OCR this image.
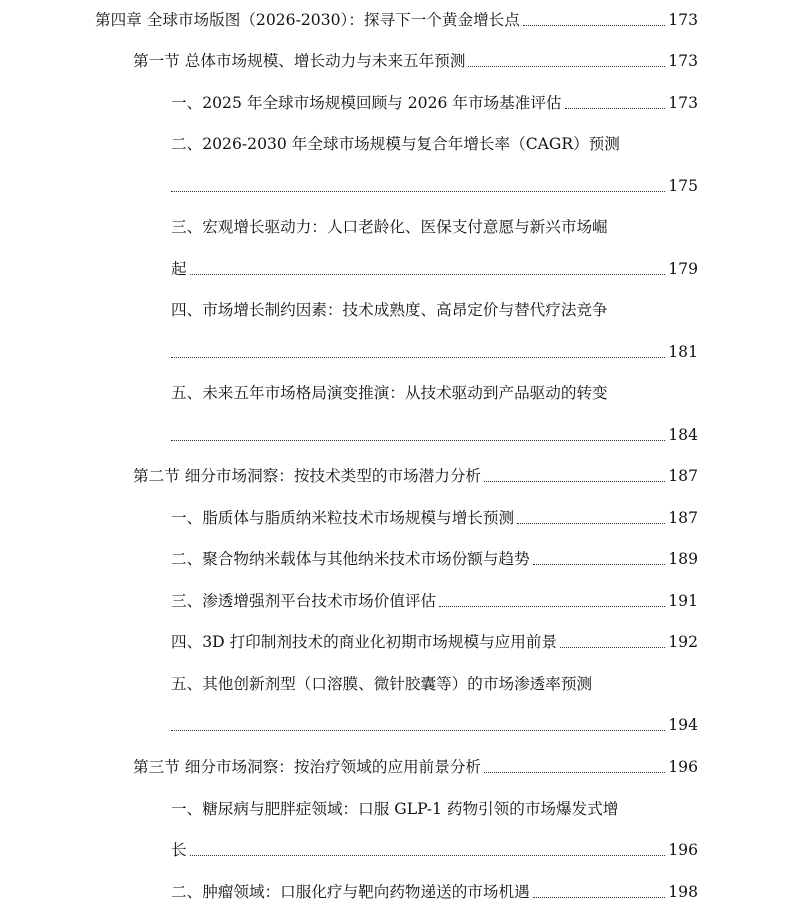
第四章 全球市场版图（2026-2030）：探寻下一个黄金增长点	173
第一节 总体市场规模、增长动力与未来五年预测	173
一、2025 年全球市场规模回顾与 2026 年市场基准评估	173
二、2026-2030 年全球市场规模与复合年增长率（CAGR）预测
175
三、宏观增长驱动力：人口老龄化、医保支付意愿与新兴市场崛
起	179
四、市场增长制约因素：技术成熟度、高昂定价与替代疗法竞争
181
五、未来五年市场格局演变推演：从技术驱动到产品驱动的转变
184
第二节 细分市场洞察：按技术类型的市场潜力分析	187
一、脂质体与脂质纳米粒技术市场规模与增长预测	187
二、聚合物纳米载体与其他纳米技术市场份额与趋势	189
三、渗透增强剂平台技术市场价值评估	191
四、3D 打印制剂技术的商业化初期市场规模与应用前景	192
五、其他创新剂型（口溶膜、微针胶囊等）的市场渗透率预测
194
第三节 细分市场洞察：按治疗领域的应用前景分析	196
一、糖尿病与肥胖症领域：口服 GLP-1 药物引领的市场爆发式增
长	196
二、肿瘤领域：口服化疗与靶向药物递送的市场机遇	198
